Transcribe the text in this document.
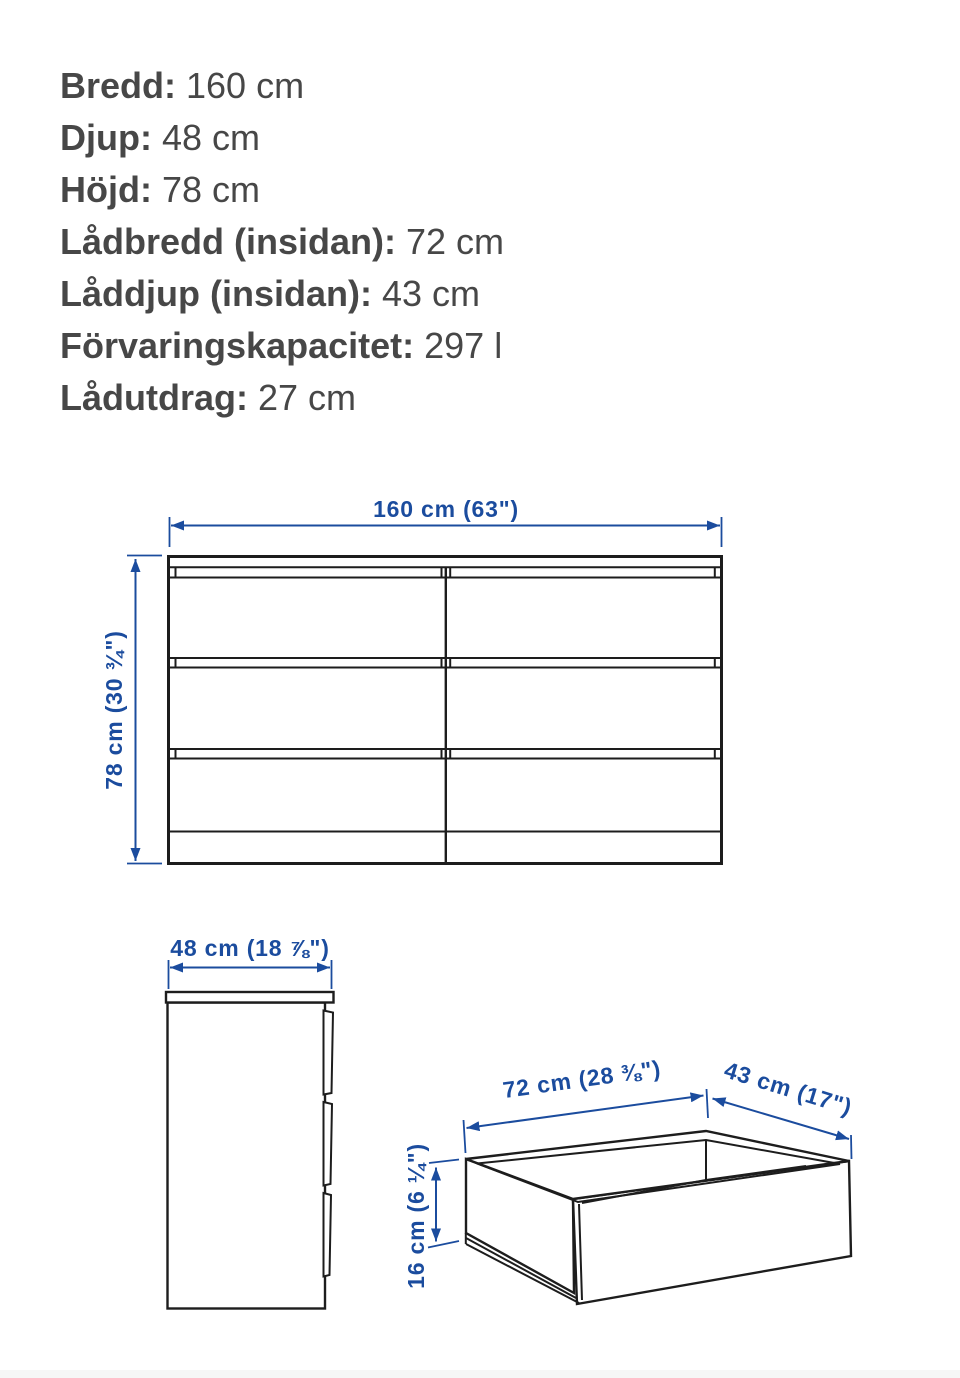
Bredd: 160 cm
Djup: 48 cm
Höjd: 78 cm
Lådbredd (insidan): 72 cm
Låddjup (insidan): 43 cm
Förvaringskapacitet: 297 l
Lådutdrag: 27 cm
160 cm (63")
78 cm (30 ¾")
48 cm (18 ⅞")
72 cm (28 ⅜")	43 cm (17")
16 cm (6 ¼")
